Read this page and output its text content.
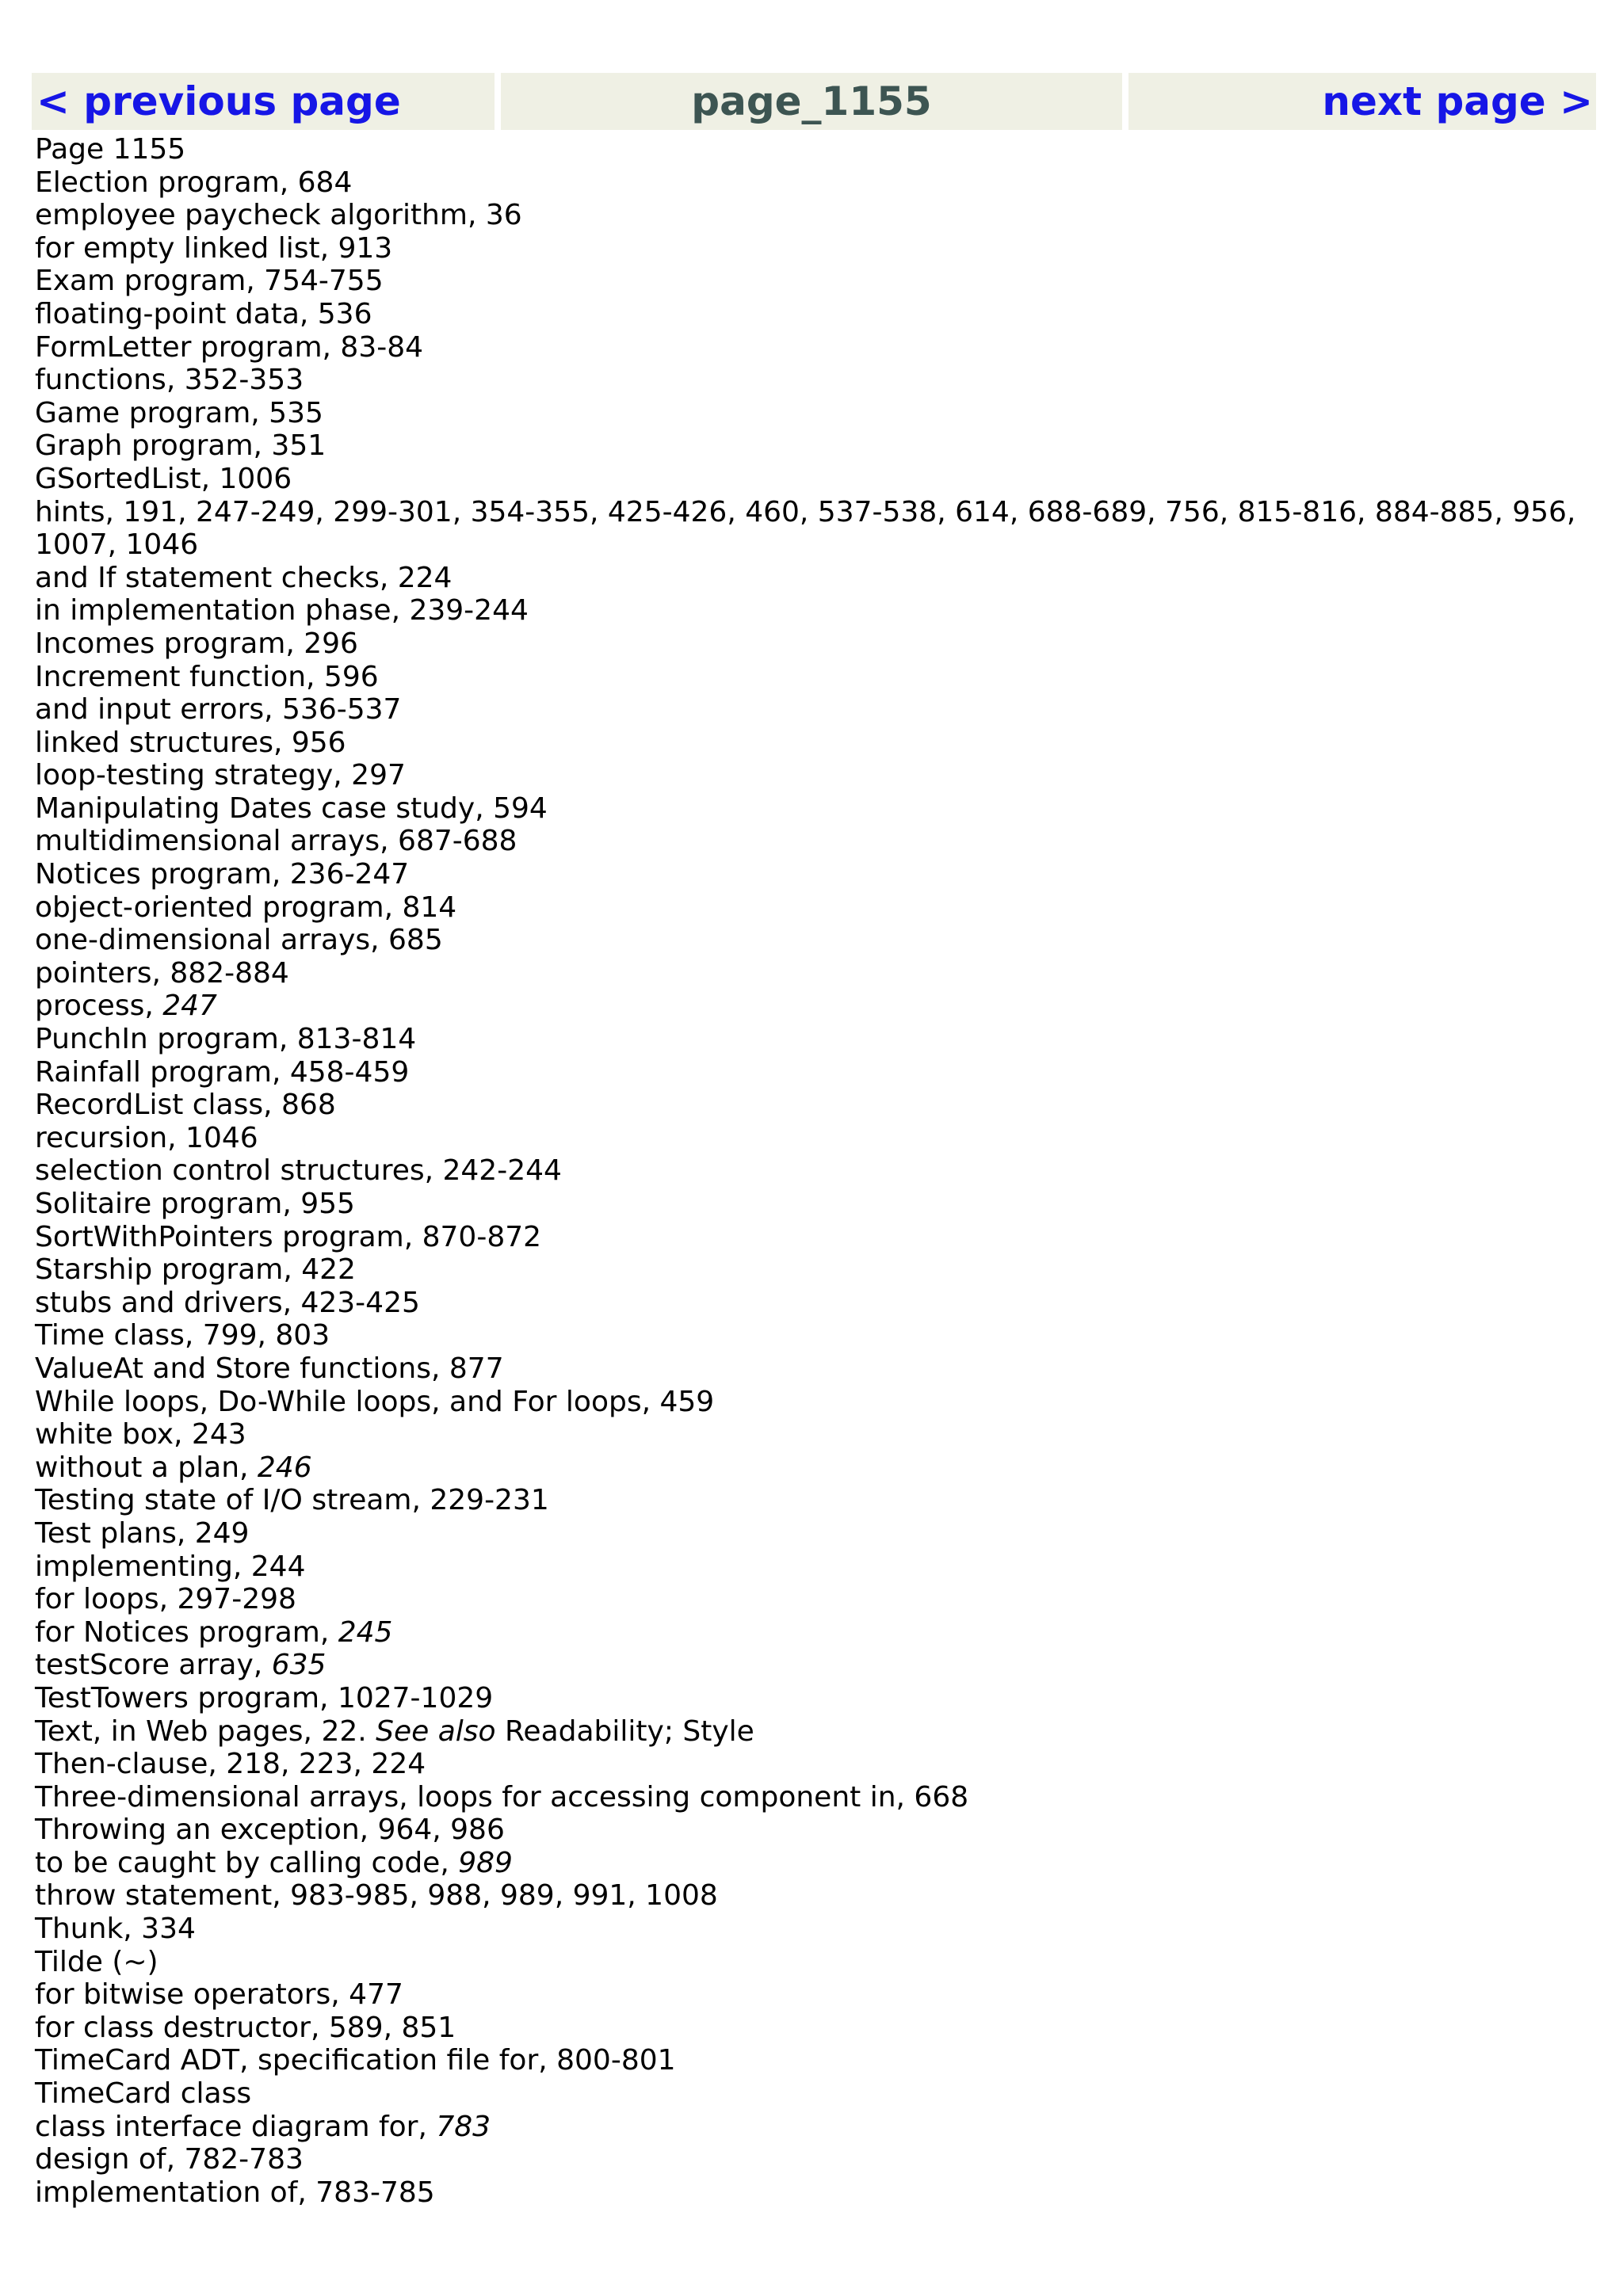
< previous page	page_1155	next page >
Page 1155
Election program, 684
employee paycheck algorithm, 36
for empty linked list, 913
Exam program, 754-755
floating-point data, 536
FormLetter program, 83-84
functions, 352-353
Game program, 535
Graph program, 351
GSortedList, 1006
hints, 191, 247-249, 299-301, 354-355, 425-426, 460, 537-538, 614, 688-689, 756, 815-816, 884-885, 956, 1007, 1046
and If statement checks, 224
in implementation phase, 239-244
Incomes program, 296
Increment function, 596
and input errors, 536-537
linked structures, 956
loop-testing strategy, 297
Manipulating Dates case study, 594
multidimensional arrays, 687-688
Notices program, 236-247
object-oriented program, 814
one-dimensional arrays, 685
pointers, 882-884
process, 247
PunchIn program, 813-814
Rainfall program, 458-459
RecordList class, 868
recursion, 1046
selection control structures, 242-244
Solitaire program, 955
SortWithPointers program, 870-872
Starship program, 422
stubs and drivers, 423-425
Time class, 799, 803
ValueAt and Store functions, 877
While loops, Do-While loops, and For loops, 459
white box, 243
without a plan, 246
Testing state of I/O stream, 229-231
Test plans, 249
implementing, 244
for loops, 297-298
for Notices program, 245
testScore array, 635
TestTowers program, 1027-1029
Text, in Web pages, 22. See also Readability; Style
Then-clause, 218, 223, 224
Three-dimensional arrays, loops for accessing component in, 668
Throwing an exception, 964, 986
to be caught by calling code, 989
throw statement, 983-985, 988, 989, 991, 1008
Thunk, 334
Tilde (~)
for bitwise operators, 477
for class destructor, 589, 851
TimeCard ADT, specification file for, 800-801
TimeCard class
class interface diagram for, 783
design of, 782-783
implementation of, 783-785
